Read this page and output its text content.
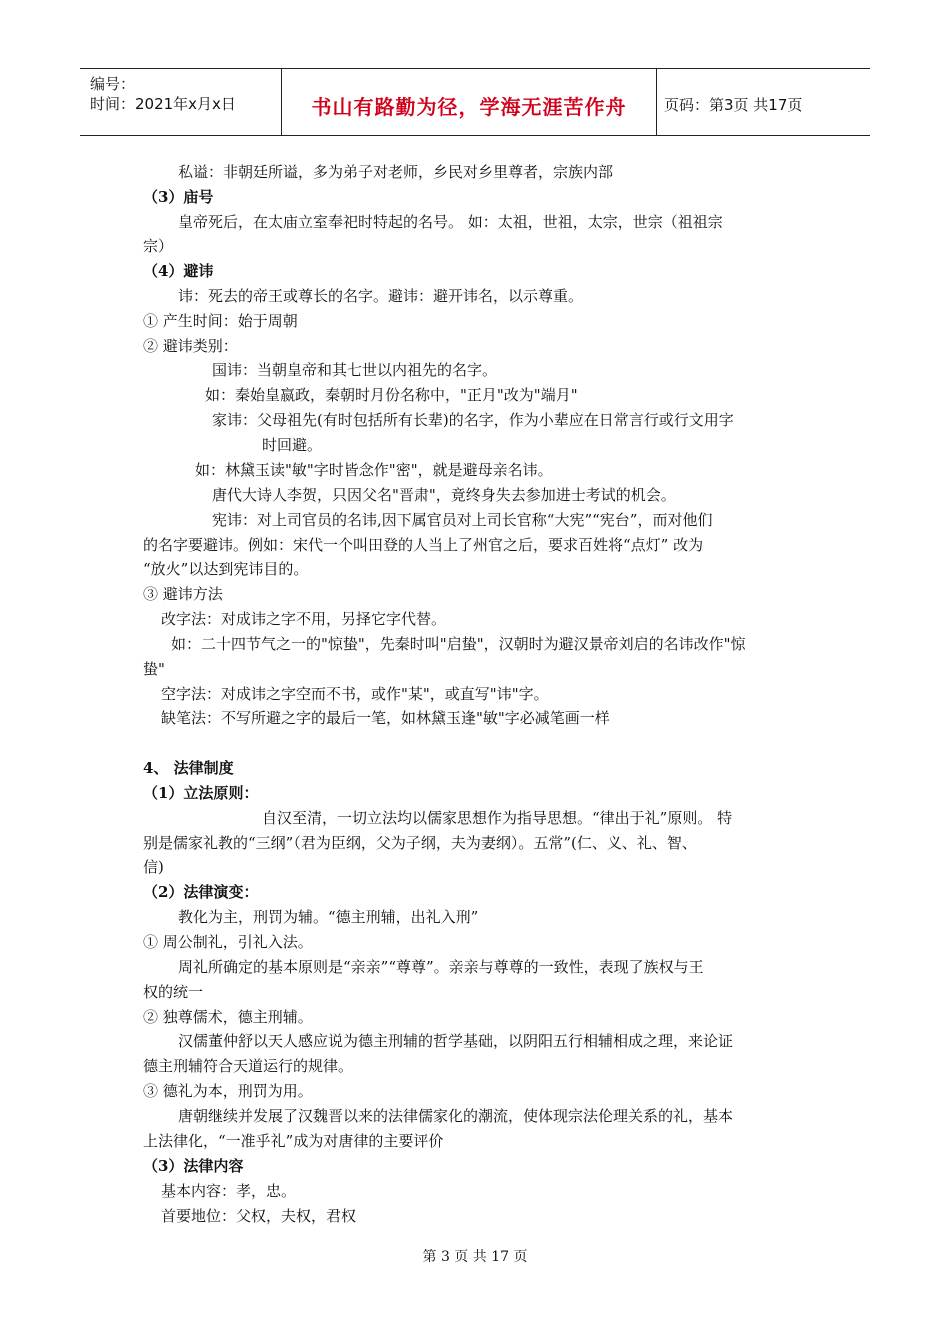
编号：
时间：2021年x月x日	书山有路勤为径，学海无涯苦作舟	页码：第3页 共17页
私谥：非朝廷所谥，多为弟子对老师，乡民对乡里尊者，宗族内部
（3）庙号
皇帝死后，在太庙立室奉祀时特起的名号。 如：太祖，世祖，太宗，世宗（祖祖宗
宗）
（4）避讳
讳：死去的帝王或尊长的名字。避讳：避开讳名，以示尊重。
① 产生时间：始于周朝
② 避讳类别：
国讳：当朝皇帝和其七世以内祖先的名字。
如：秦始皇嬴政，秦朝时月份名称中，"正月"改为"端月"
家讳：父母祖先(有时包括所有长辈)的名字，作为小辈应在日常言行或行文用字
时回避。
如：林黛玉读"敏"字时皆念作"密"，就是避母亲名讳。
唐代大诗人李贺，只因父名"晋肃"，竟终身失去参加进士考试的机会。
宪讳：对上司官员的名讳,因下属官员对上司长官称“大宪”“宪台”，而对他们
的名字要避讳。例如：宋代一个叫田登的人当上了州官之后，要求百姓将“点灯” 改为
“放火”以达到宪讳目的。
③ 避讳方法
改字法：对成讳之字不用，另择它字代替。
如：二十四节气之一的"惊蛰"，先秦时叫"启蛰"，汉朝时为避汉景帝刘启的名讳改作"惊
蛰"
空字法：对成讳之字空而不书，或作"某"，或直写"讳"字。
缺笔法：不写所避之字的最后一笔，如林黛玉逢"敏"字必减笔画一样
4、 法律制度
（1）立法原则：
自汉至清，一切立法均以儒家思想作为指导思想。“律出于礼”原则。 特
别是儒家礼教的“三纲”（君为臣纲，父为子纲，夫为妻纲）。五常”(仁、义、礼、智、
信)
（2）法律演变：
教化为主，刑罚为辅。“德主刑辅，出礼入刑”
① 周公制礼，引礼入法。
周礼所确定的基本原则是“亲亲”“尊尊”。亲亲与尊尊的一致性，表现了族权与王
权的统一
② 独尊儒术，德主刑辅。
汉儒董仲舒以天人感应说为德主刑辅的哲学基础，以阴阳五行相辅相成之理，来论证
德主刑辅符合天道运行的规律。
③ 德礼为本，刑罚为用。
唐朝继续并发展了汉魏晋以来的法律儒家化的潮流，使体现宗法伦理关系的礼，基本
上法律化，“一准乎礼”成为对唐律的主要评价
（3）法律内容
基本内容：孝，忠。
首要地位：父权，夫权，君权
第 3 页 共 17 页
